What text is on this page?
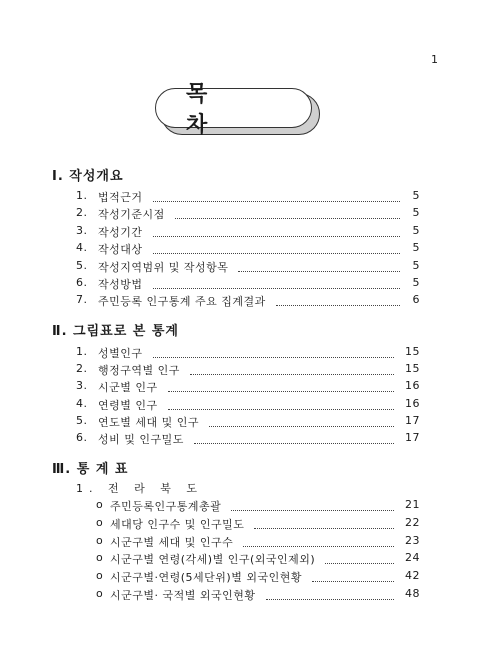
1
목 차
Ⅰ. 작성개요
1. 법적근거	5
2. 작성기준시점	5
3. 작성기간	5
4. 작성대상	5
5. 작성지역범위 및 작성항목	5
6. 작성방법	5
7. 주민등록 인구통계 주요 집계결과	6
Ⅱ. 그림표로 본 통계
1. 성별인구	15
2. 행정구역별 인구	15
3. 시군별 인구	16
4. 연령별 인구	16
5. 연도별 세대 및 인구	17
6. 성비 및 인구밀도	17
Ⅲ. 통 계 표
1. 전 라 북 도
o 주민등록인구통계총괄	21
o 세대당 인구수 및 인구밀도	22
o 시군구별 세대 및 인구수	23
o 시군구별 연령(각세)별 인구(외국인제외)	24
o 시군구별·연령(5세단위)별 외국인현황	42
o 시군구별· 국적별 외국인현황	48
